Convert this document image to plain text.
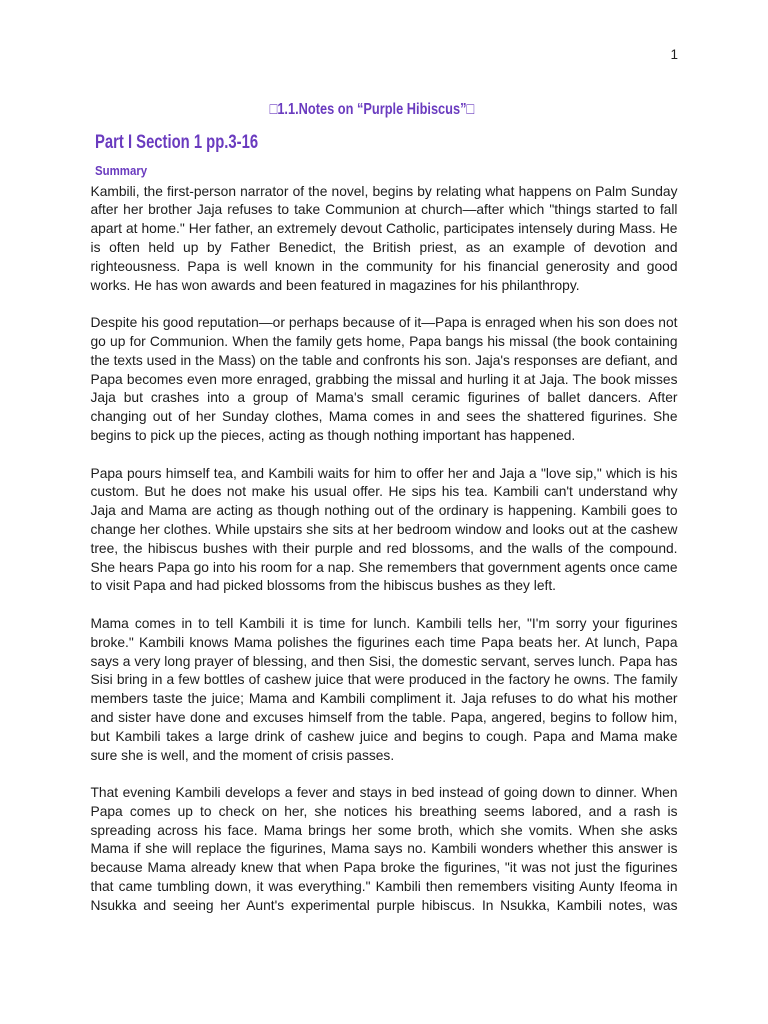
1
□1.1.Notes on “Purple Hibiscus”□
Part I Section 1 pp.3-16
Summary

Kambili, the first-person narrator of the novel, begins by relating what happens on Palm Sunday after her brother Jaja refuses to take Communion at church—after which "things started to fall apart at home." Her father, an extremely devout Catholic, participates intensely during Mass. He is often held up by Father Benedict, the British priest, as an example of devotion and righteousness. Papa is well known in the community for his financial generosity and good works. He has won awards and been featured in magazines for his philanthropy.

Despite his good reputation—or perhaps because of it—Papa is enraged when his son does not go up for Communion. When the family gets home, Papa bangs his missal (the book containing the texts used in the Mass) on the table and confronts his son. Jaja's responses are defiant, and Papa becomes even more enraged, grabbing the missal and hurling it at Jaja. The book misses Jaja but crashes into a group of Mama's small ceramic figurines of ballet dancers. After changing out of her Sunday clothes, Mama comes in and sees the shattered figurines. She begins to pick up the pieces, acting as though nothing important has happened.

Papa pours himself tea, and Kambili waits for him to offer her and Jaja a "love sip," which is his custom. But he does not make his usual offer. He sips his tea. Kambili can't understand why Jaja and Mama are acting as though nothing out of the ordinary is happening. Kambili goes to change her clothes. While upstairs she sits at her bedroom window and looks out at the cashew tree, the hibiscus bushes with their purple and red blossoms, and the walls of the compound. She hears Papa go into his room for a nap. She remembers that government agents once came to visit Papa and had picked blossoms from the hibiscus bushes as they left.

Mama comes in to tell Kambili it is time for lunch. Kambili tells her, "I'm sorry your figurines broke." Kambili knows Mama polishes the figurines each time Papa beats her. At lunch, Papa says a very long prayer of blessing, and then Sisi, the domestic servant, serves lunch. Papa has Sisi bring in a few bottles of cashew juice that were produced in the factory he owns. The family members taste the juice; Mama and Kambili compliment it. Jaja refuses to do what his mother and sister have done and excuses himself from the table. Papa, angered, begins to follow him, but Kambili takes a large drink of cashew juice and begins to cough. Papa and Mama make sure she is well, and the moment of crisis passes.

That evening Kambili develops a fever and stays in bed instead of going down to dinner. When Papa comes up to check on her, she notices his breathing seems labored, and a rash is spreading across his face. Mama brings her some broth, which she vomits. When she asks Mama if she will replace the figurines, Mama says no. Kambili wonders whether this answer is because Mama already knew that when Papa broke the figurines, "it was not just the figurines that came tumbling down, it was everything." Kambili then remembers visiting Aunty Ifeoma in Nsukka and seeing her Aunt's experimental purple hibiscus. In Nsukka, Kambili notes, was
